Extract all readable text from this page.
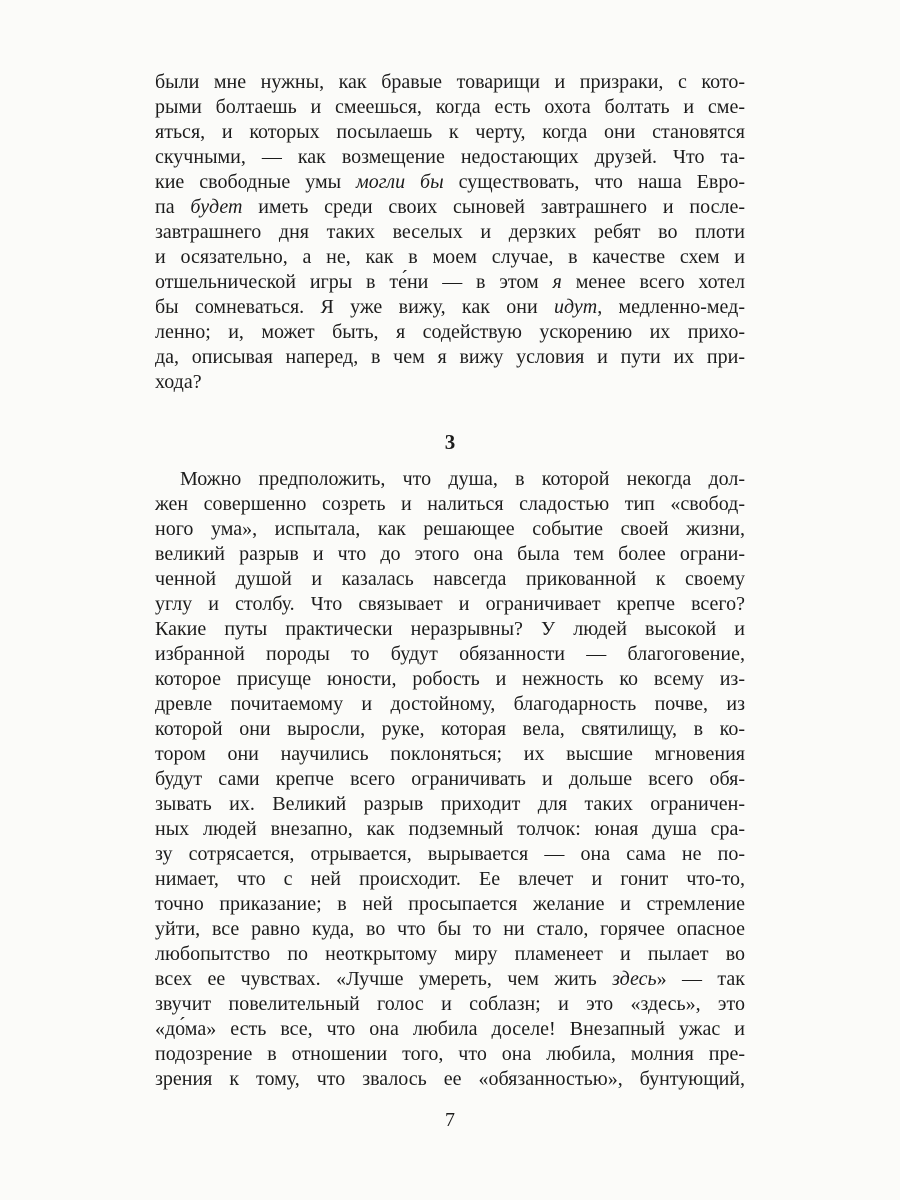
были мне нужны, как бравые товарищи и призраки, с кото-
рыми болтаешь и смеешься, когда есть охота болтать и сме-
яться, и которых посылаешь к черту, когда они становятся
скучными, — как возмещение недостающих друзей. Что та-
кие свободные умы могли бы существовать, что наша Евро-
па будет иметь среди своих сыновей завтрашнего и после-
завтрашнего дня таких веселых и дерзких ребят во плоти
и осязательно, а не, как в моем случае, в качестве схем и
отшельнической игры в те́ни — в этом я менее всего хотел
бы сомневаться. Я уже вижу, как они идут, медленно-мед-
ленно; и, может быть, я содействую ускорению их прихо-
да, описывая наперед, в чем я вижу условия и пути их при-
хода?
3
Можно предположить, что душа, в которой некогда дол-
жен совершенно созреть и налиться сладостью тип «свобод-
ного ума», испытала, как решающее событие своей жизни,
великий разрыв и что до этого она была тем более ограни-
ченной душой и казалась навсегда прикованной к своему
углу и столбу. Что связывает и ограничивает крепче всего?
Какие путы практически неразрывны? У людей высокой и
избранной породы то будут обязанности — благоговение,
которое присуще юности, робость и нежность ко всему из-
древле почитаемому и достойному, благодарность почве, из
которой они выросли, руке, которая вела, святилищу, в ко-
тором они научились поклоняться; их высшие мгновения
будут сами крепче всего ограничивать и дольше всего обя-
зывать их. Великий разрыв приходит для таких ограничен-
ных людей внезапно, как подземный толчок: юная душа сра-
зу сотрясается, отрывается, вырывается — она сама не по-
нимает, что с ней происходит. Ее влечет и гонит что-то,
точно приказание; в ней просыпается желание и стремление
уйти, все равно куда, во что бы то ни стало, горячее опасное
любопытство по неоткрытому миру пламенеет и пылает во
всех ее чувствах. «Лучше умереть, чем жить здесь» — так
звучит повелительный голос и соблазн; и это «здесь», это
«до́ма» есть все, что она любила доселе! Внезапный ужас и
подозрение в отношении того, что она любила, молния пре-
зрения к тому, что звалось ее «обязанностью», бунтующий,
7
